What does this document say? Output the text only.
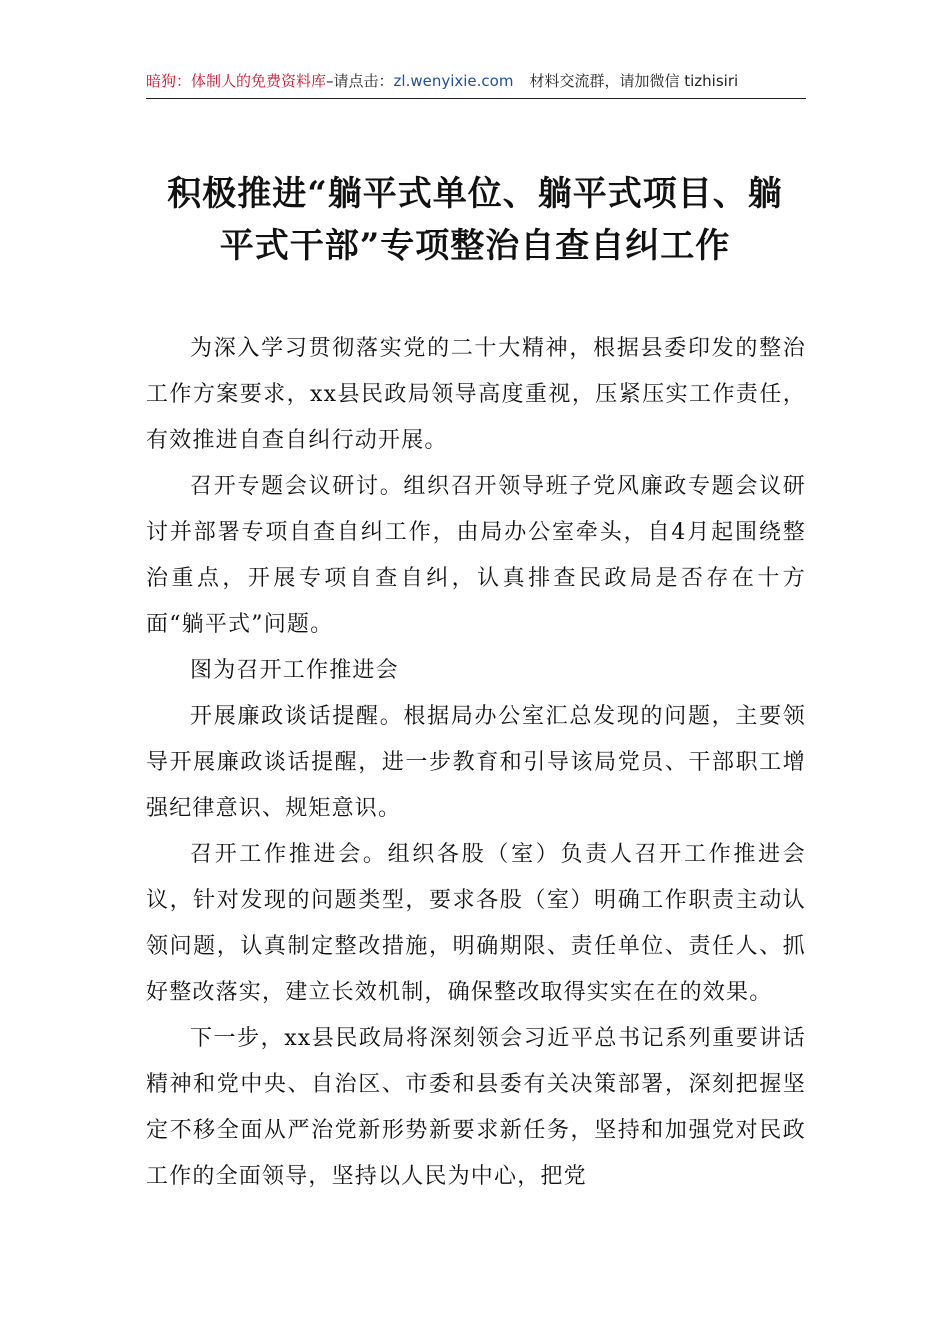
暗狗：体制人的免费资料库–请点击：zl.wenyixie.com 材料交流群，请加微信 tizhisiri
积极推进“躺平式单位、躺平式项目、躺
平式干部”专项整治自查自纠工作

为深入学习贯彻落实党的二十大精神，根据县委印发的整治工作方案要求，xx县民政局领导高度重视，压紧压实工作责任，有效推进自查自纠行动开展。

召开专题会议研讨。组织召开领导班子党风廉政专题会议研讨并部署专项自查自纠工作，由局办公室牵头，自4月起围绕整治重点，开展专项自查自纠，认真排查民政局是否存在十方面“躺平式”问题。

图为召开工作推进会

开展廉政谈话提醒。根据局办公室汇总发现的问题，主要领导开展廉政谈话提醒，进一步教育和引导该局党员、干部职工增强纪律意识、规矩意识。

召开工作推进会。组织各股（室）负责人召开工作推进会议，针对发现的问题类型，要求各股（室）明确工作职责主动认领问题，认真制定整改措施，明确期限、责任单位、责任人、抓好整改落实，建立长效机制，确保整改取得实实在在的效果。

下一步，xx县民政局将深刻领会习近平总书记系列重要讲话精神和党中央、自治区、市委和县委有关决策部署，深刻把握坚定不移全面从严治党新形势新要求新任务，坚持和加强党对民政工作的全面领导，坚持以人民为中心，把党
